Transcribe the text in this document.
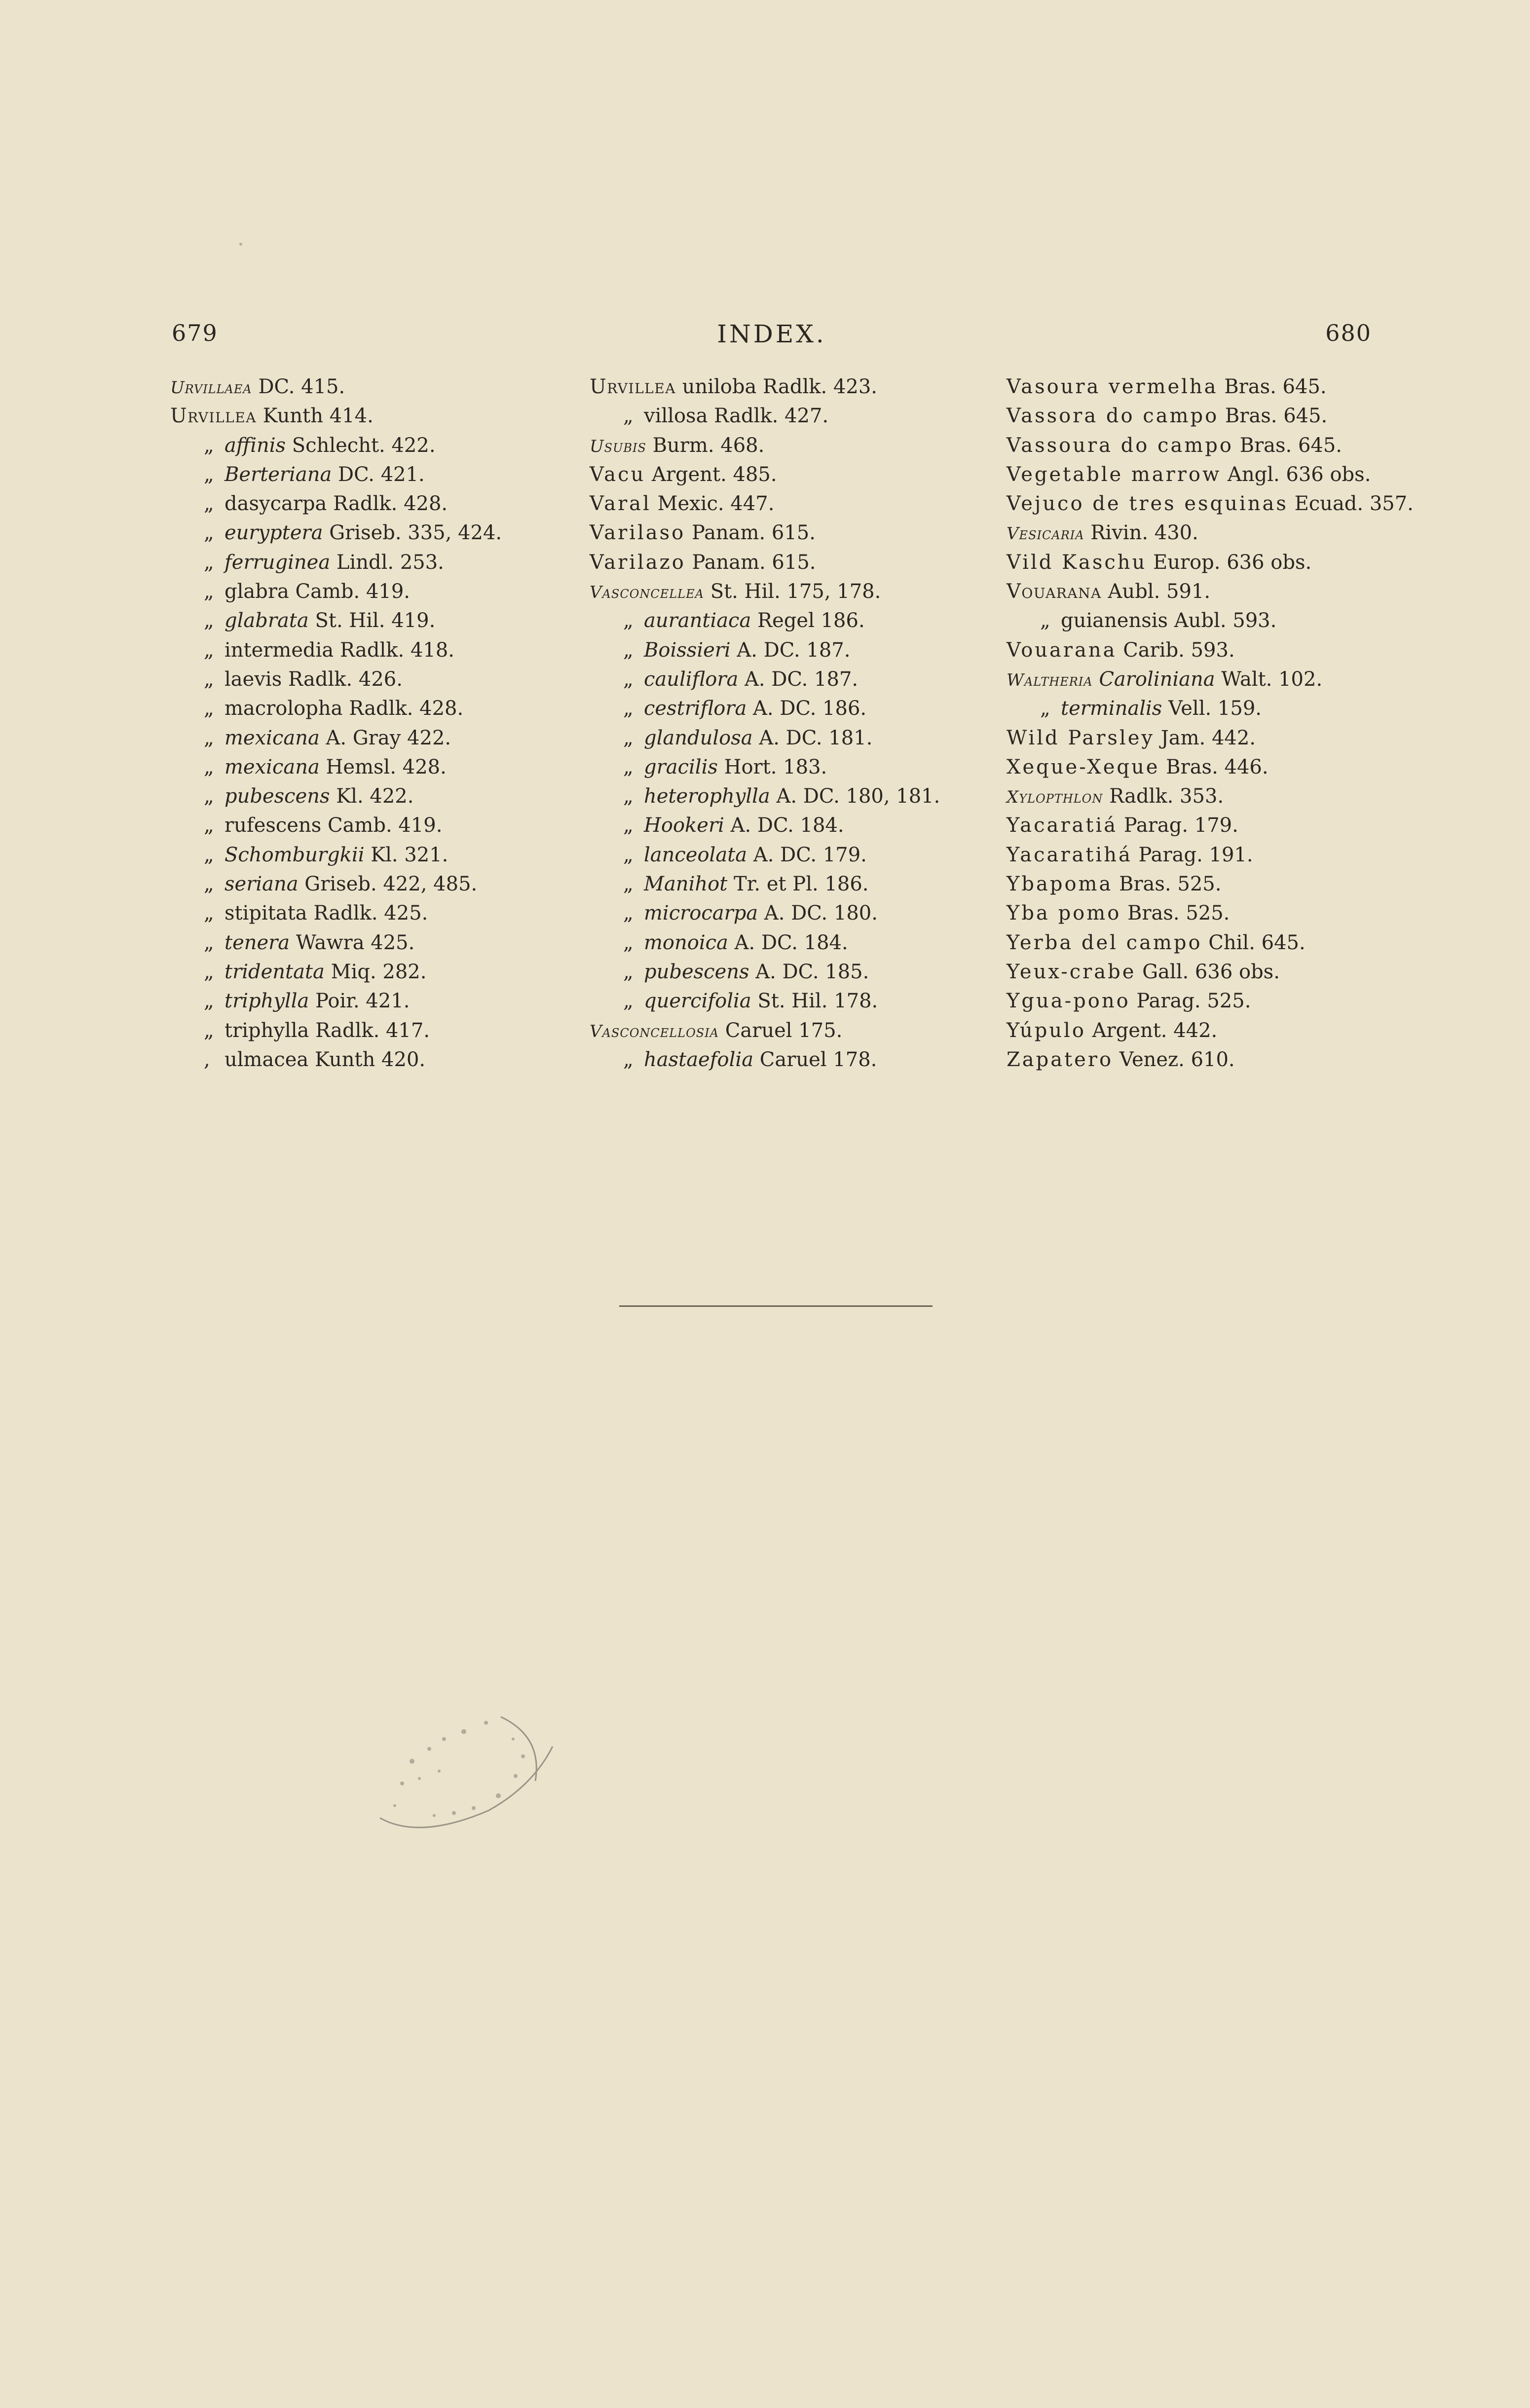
679	INDEX.	680
Urvillaea DC. 415.
Urvillea Kunth 414.
„ affinis Schlecht. 422.
„ Berteriana DC. 421.
„ dasycarpa Radlk. 428.
„ euryptera Griseb. 335, 424.
„ ferruginea Lindl. 253.
„ glabra Camb. 419.
„ glabrata St. Hil. 419.
„ intermedia Radlk. 418.
„ laevis Radlk. 426.
„ macrolopha Radlk. 428.
„ mexicana A. Gray 422.
„ mexicana Hemsl. 428.
„ pubescens Kl. 422.
„ rufescens Camb. 419.
„ Schomburgkii Kl. 321.
„ seriana Griseb. 422, 485.
„ stipitata Radlk. 425.
„ tenera Wawra 425.
„ tridentata Miq. 282.
„ triphylla Poir. 421.
„ triphylla Radlk. 417.
, ulmacea Kunth 420.
Urvillea uniloba Radlk. 423.
„ villosa Radlk. 427.
Usubis Burm. 468.
Vacu Argent. 485.
Varal Mexic. 447.
Varilaso Panam. 615.
Varilazo Panam. 615.
Vasconcellea St. Hil. 175, 178.
„ aurantiaca Regel 186.
„ Boissieri A. DC. 187.
„ cauliflora A. DC. 187.
„ cestriflora A. DC. 186.
„ glandulosa A. DC. 181.
„ gracilis Hort. 183.
„ heterophylla A. DC. 180, 181.
„ Hookeri A. DC. 184.
„ lanceolata A. DC. 179.
„ Manihot Tr. et Pl. 186.
„ microcarpa A. DC. 180.
„ monoica A. DC. 184.
„ pubescens A. DC. 185.
„ quercifolia St. Hil. 178.
Vasconcellosia Caruel 175.
„ hastaefolia Caruel 178.
Vasoura vermelha Bras. 645.
Vassora do campo Bras. 645.
Vassoura do campo Bras. 645.
Vegetable marrow Angl. 636 obs.
Vejuco de tres esquinas Ecuad. 357.
Vesicaria Rivin. 430.
Vild Kaschu Europ. 636 obs.
Vouarana Aubl. 591.
„ guianensis Aubl. 593.
Vouarana Carib. 593.
Waltheria Caroliniana Walt. 102.
„ terminalis Vell. 159.
Wild Parsley Jam. 442.
Xeque-Xeque Bras. 446.
Xylopthlon Radlk. 353.
Yacaratiá Parag. 179.
Yacaratihá Parag. 191.
Ybapoma Bras. 525.
Yba pomo Bras. 525.
Yerba del campo Chil. 645.
Yeux-crabe Gall. 636 obs.
Ygua-pono Parag. 525.
Yúpulo Argent. 442.
Zapatero Venez. 610.
